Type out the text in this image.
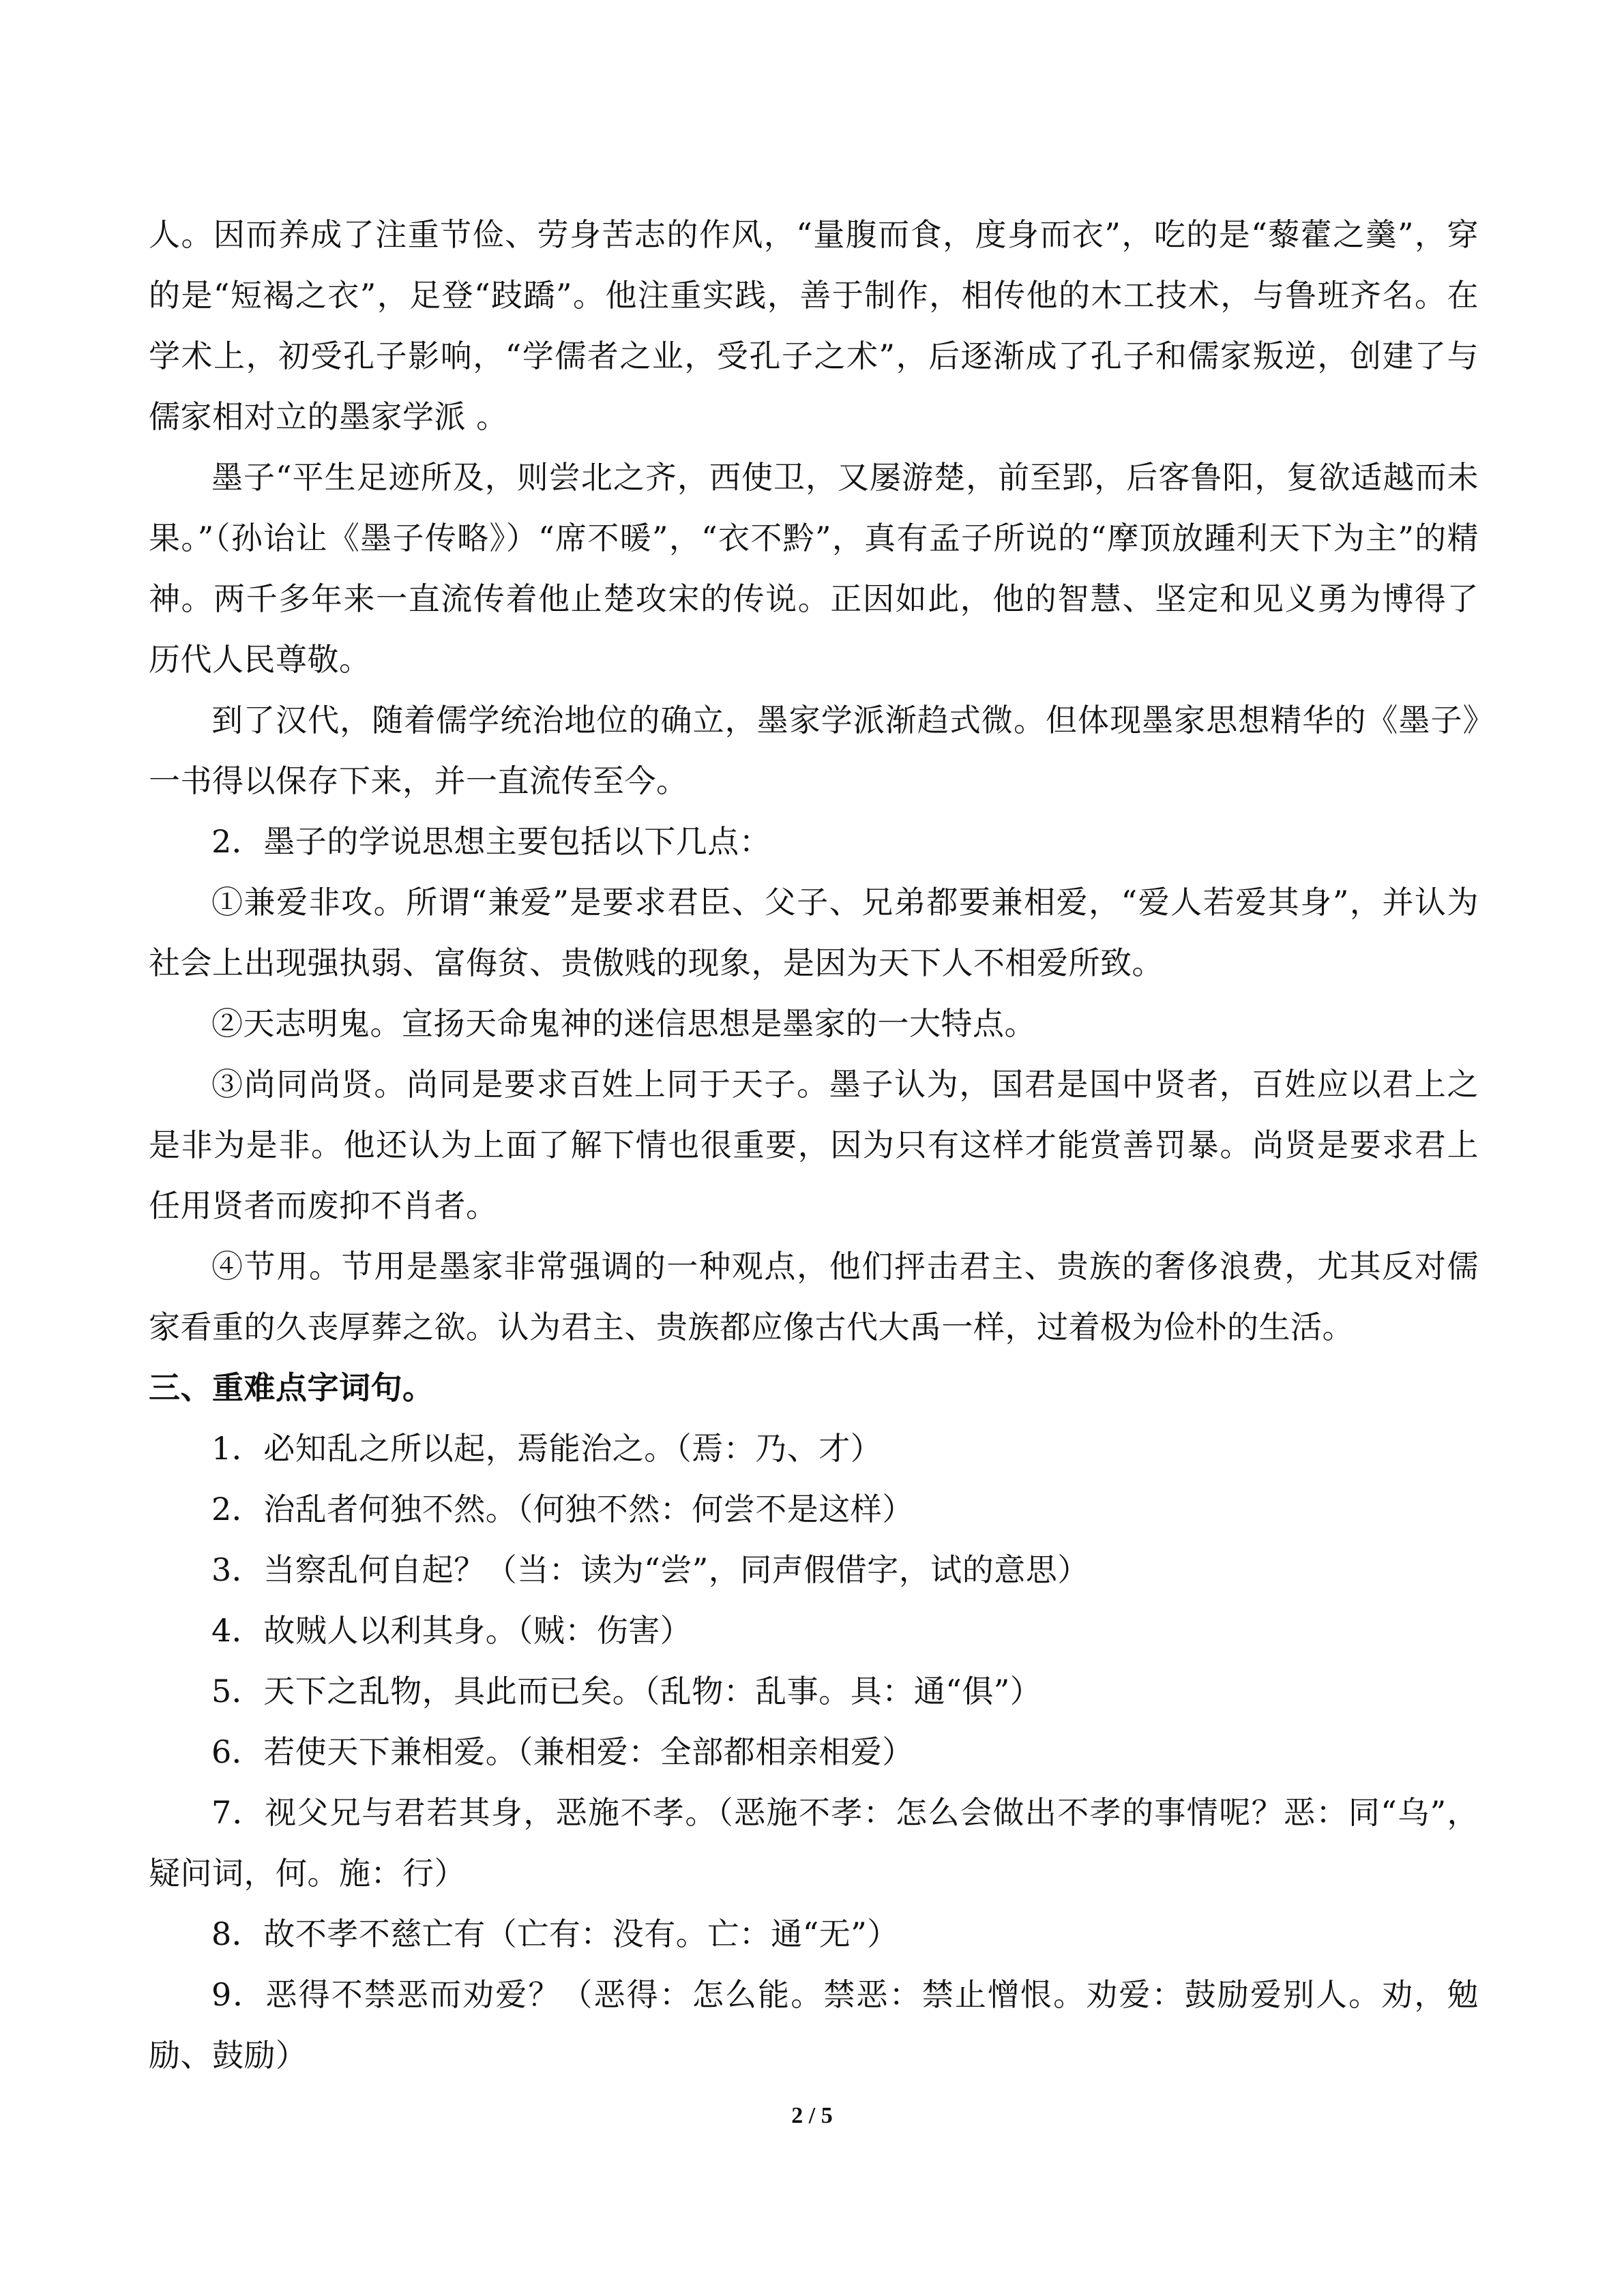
人。因而养成了注重节俭、劳身苦志的作风，“量腹而食，度身而衣”，吃的是“藜藿之羹”，穿的是“短褐之衣”，足登“跂蹻”。他注重实践，善于制作，相传他的木工技术，与鲁班齐名。在学术上，初受孔子影响，“学儒者之业，受孔子之术”，后逐渐成了孔子和儒家叛逆，创建了与儒家相对立的墨家学派 。

墨子“平生足迹所及，则尝北之齐，西使卫，又屡游楚，前至郢，后客鲁阳，复欲适越而未果。”（孙诒让《墨子传略》）“席不暖”，“衣不黔”，真有孟子所说的“摩顶放踵利天下为主”的精神。两千多年来一直流传着他止楚攻宋的传说。正因如此，他的智慧、坚定和见义勇为博得了历代人民尊敬。

到了汉代，随着儒学统治地位的确立，墨家学派渐趋式微。但体现墨家思想精华的《墨子》一书得以保存下来，并一直流传至今。

2．墨子的学说思想主要包括以下几点：

①兼爱非攻。所谓“兼爱”是要求君臣、父子、兄弟都要兼相爱，“爱人若爱其身”，并认为社会上出现强执弱、富侮贫、贵傲贱的现象，是因为天下人不相爱所致。

②天志明鬼。宣扬天命鬼神的迷信思想是墨家的一大特点。

③尚同尚贤。尚同是要求百姓上同于天子。墨子认为，国君是国中贤者，百姓应以君上之是非为是非。他还认为上面了解下情也很重要，因为只有这样才能赏善罚暴。尚贤是要求君上任用贤者而废抑不肖者。

④节用。节用是墨家非常强调的一种观点，他们抨击君主、贵族的奢侈浪费，尤其反对儒家看重的久丧厚葬之欲。认为君主、贵族都应像古代大禹一样，过着极为俭朴的生活。

三、重难点字词句。

1．必知乱之所以起，焉能治之。（焉：乃、才）

2．治乱者何独不然。（何独不然：何尝不是这样）

3．当察乱何自起？（当：读为“尝”，同声假借字，试的意思）

4．故贼人以利其身。（贼：伤害）

5．天下之乱物，具此而已矣。（乱物：乱事。具：通“俱”）

6．若使天下兼相爱。（兼相爱：全部都相亲相爱）

7．视父兄与君若其身，恶施不孝。（恶施不孝：怎么会做出不孝的事情呢？恶：同“乌”，疑问词，何。施：行）

8．故不孝不慈亡有（亡有：没有。亡：通“无”）

9．恶得不禁恶而劝爱？（恶得：怎么能。禁恶：禁止憎恨。劝爱：鼓励爱别人。劝，勉励、鼓励）

2 / 5
